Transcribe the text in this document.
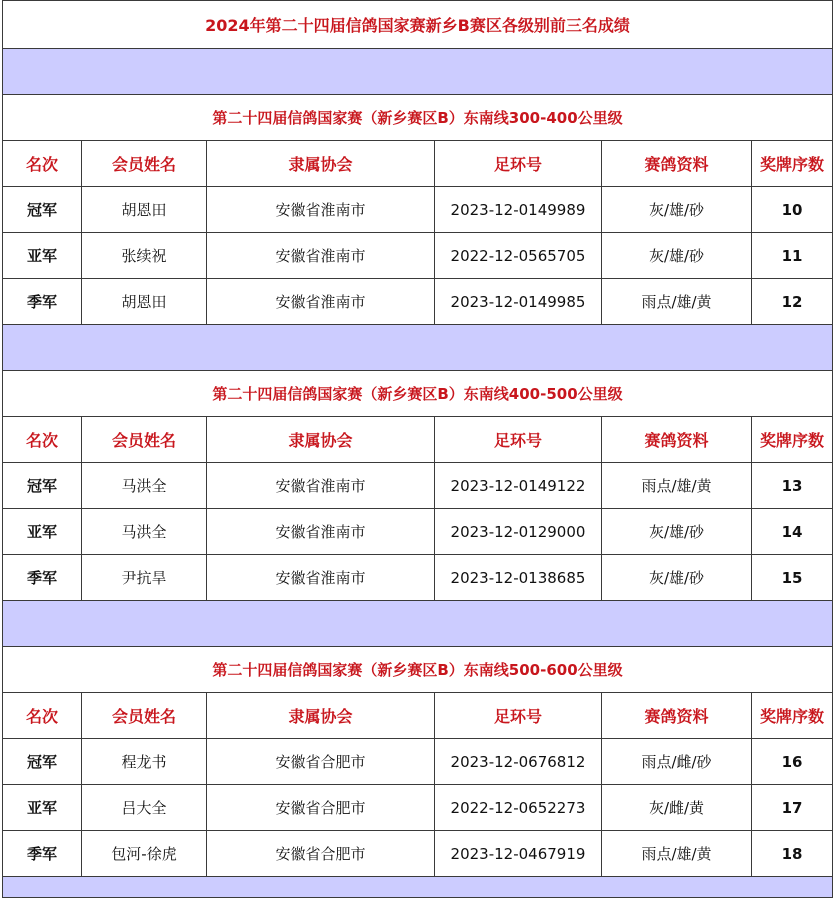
2024年第二十四届信鸽国家赛新乡B赛区各级别前三名成绩					

第二十四届信鸽国家赛（新乡赛区B）东南线300-400公里级					
名次	会员姓名	隶属协会	足环号	赛鸽资料	奖牌序数
冠军	胡恩田	安徽省淮南市	2023-12-0149989	灰/雄/砂	10
亚军	张续祝	安徽省淮南市	2022-12-0565705	灰/雄/砂	11
季军	胡恩田	安徽省淮南市	2023-12-0149985	雨点/雄/黄	12

第二十四届信鸽国家赛（新乡赛区B）东南线400-500公里级					
名次	会员姓名	隶属协会	足环号	赛鸽资料	奖牌序数
冠军	马洪全	安徽省淮南市	2023-12-0149122	雨点/雄/黄	13
亚军	马洪全	安徽省淮南市	2023-12-0129000	灰/雄/砂	14
季军	尹抗旱	安徽省淮南市	2023-12-0138685	灰/雄/砂	15

第二十四届信鸽国家赛（新乡赛区B）东南线500-600公里级					
名次	会员姓名	隶属协会	足环号	赛鸽资料	奖牌序数
冠军	程龙书	安徽省合肥市	2023-12-0676812	雨点/雌/砂	16
亚军	吕大全	安徽省合肥市	2022-12-0652273	灰/雌/黄	17
季军	包河-徐虎	安徽省合肥市	2023-12-0467919	雨点/雄/黄	18
